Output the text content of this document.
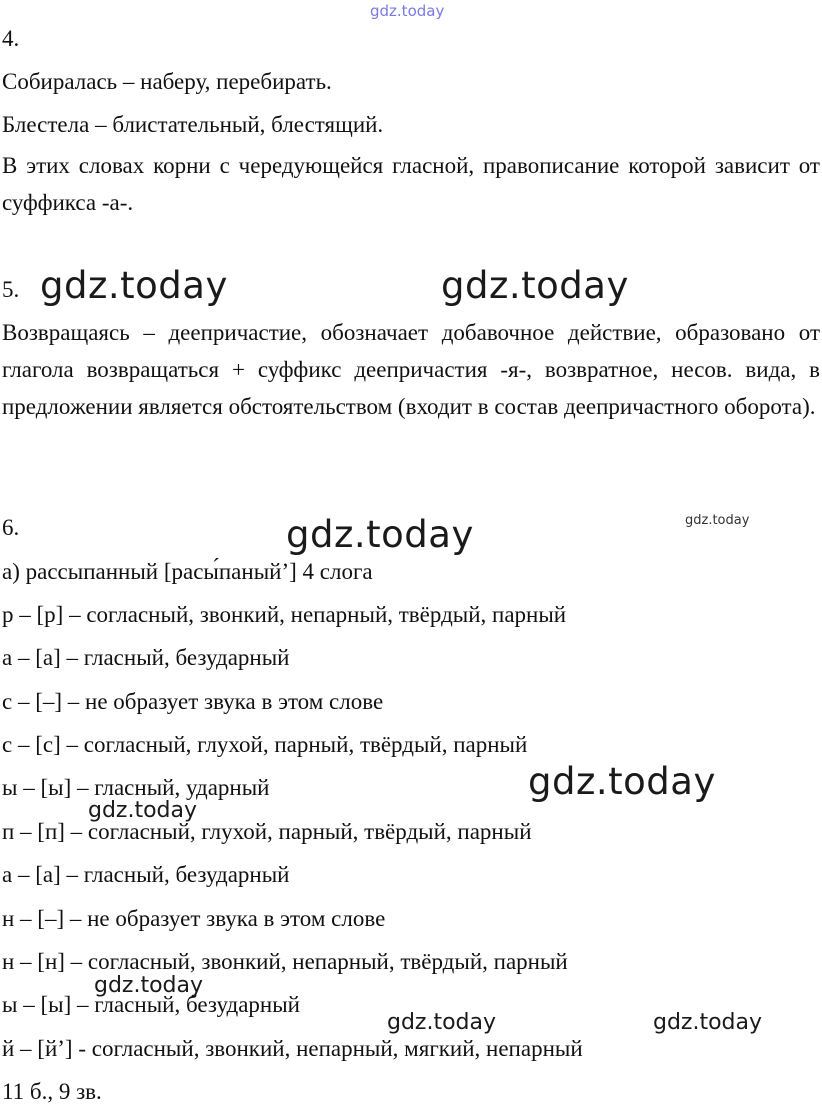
gdz.today
gdz.today	gdz.today
gdz.today	gdz.today
gdz.today
gdz.today
gdz.today
gdz.today	gdz.today
4.
Собиралась – наберу, перебирать.
Блестела – блистательный, блестящий.
В этих словах корни с чередующейся гласной, правописание которой зависит от суффикса -а-.
5.
Возвращаясь – деепричастие, обозначает добавочное действие, образовано от глагола возвращаться + суффикс деепричастия -я-, возвратное, несов. вида, в предложении является обстоятельством (входит в состав деепричастного оборота).
6.
а) рассыпанный [расы́паный’] 4 слога
р – [р] – согласный, звонкий, непарный, твёрдый, парный
а – [а] – гласный, безударный
с – [–] – не образует звука в этом слове
с – [с] – согласный, глухой, парный, твёрдый, парный
ы – [ы] – гласный, ударный
п – [п] – согласный, глухой, парный, твёрдый, парный
а – [а] – гласный, безударный
н – [–] – не образует звука в этом слове
н – [н] – согласный, звонкий, непарный, твёрдый, парный
ы – [ы] – гласный, безударный
й – [й’] - согласный, звонкий, непарный, мягкий, непарный
11 б., 9 зв.
